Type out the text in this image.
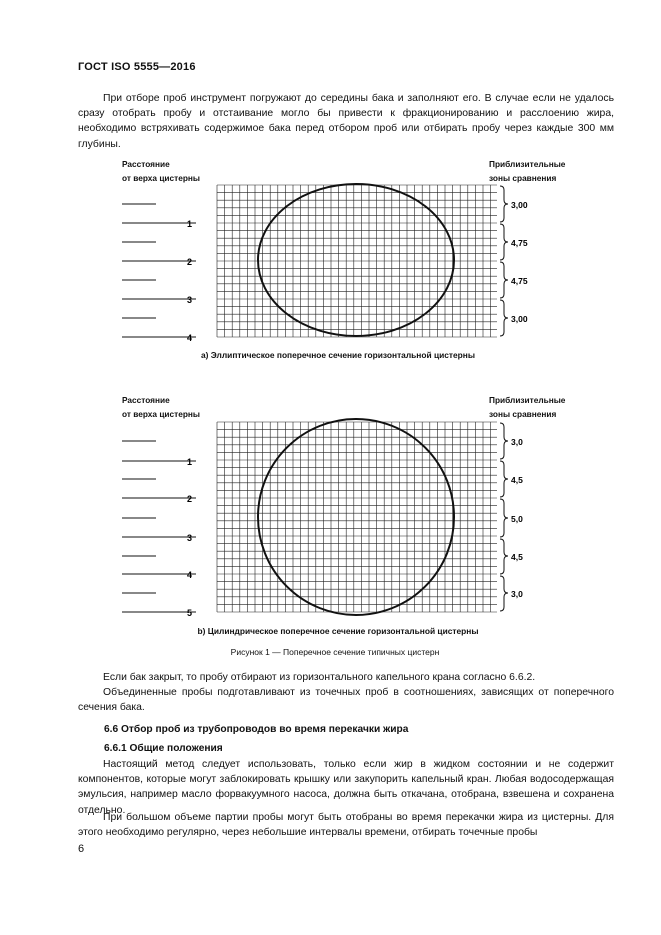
ГОСТ ISO 5555—2016
При отборе проб инструмент погружают до середины бака и заполняют его. В случае если не удалось сразу отобрать пробу и отстаивание могло бы привести к фракционированию и расслоению жира, необходимо встряхивать содержимое бака перед отбором проб или отбирать пробу через каждые 300 мм глубины.
Расстояние
от верха цистерны
Приблизительные
зоны сравнения
1
2
3
4
3,00
4,75
4,75
3,00
1
2
3
4
5
3,0
4,5
5,0
4,5
3,0
a) Эллиптическое поперечное сечение горизонтальной цистерны
Расстояние
от верха цистерны
Приблизительные
зоны сравнения
b) Цилиндрическое поперечное сечение горизонтальной цистерны
Рисунок 1 — Поперечное сечение типичных цистерн
Если бак закрыт, то пробу отбирают из горизонтального капельного крана согласно 6.6.2.
Объединенные пробы подготавливают из точечных проб в соотношениях, зависящих от поперечного сечения бака.
6.6 Отбор проб из трубопроводов во время перекачки жира
6.6.1 Общие положения
Настоящий метод следует использовать, только если жир в жидком состоянии и не содержит компонентов, которые могут заблокировать крышку или закупорить капельный кран. Любая водосодержащая эмульсия, например масло форвакуумного насоса, должна быть откачана, отобрана, взвешена и сохранена отдельно.
При большом объеме партии пробы могут быть отобраны во время перекачки жира из цистерны. Для этого необходимо регулярно, через небольшие интервалы времени, отбирать точечные пробы
6
